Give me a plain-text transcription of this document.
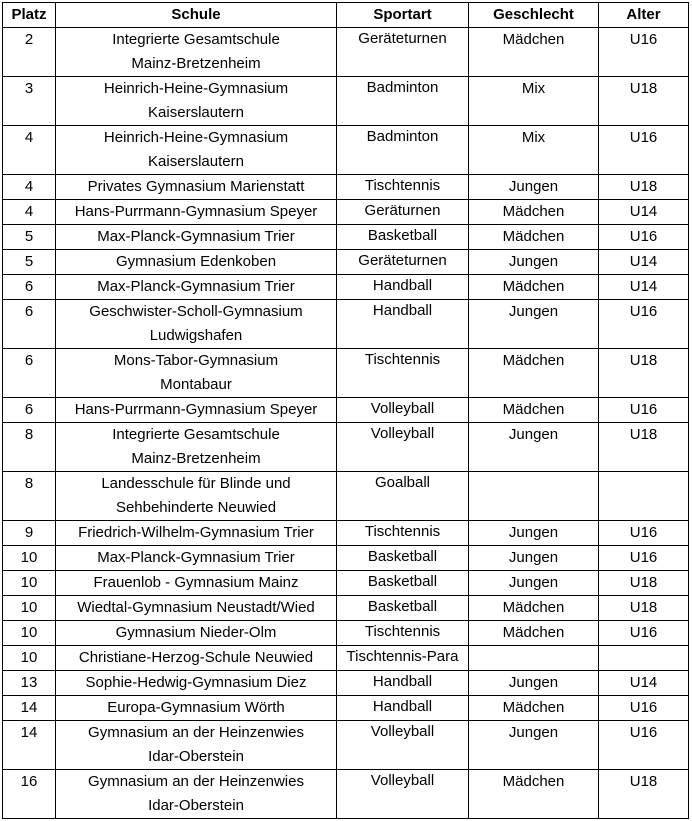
Platz	Schule	Sportart	Geschlecht	Alter

2	Integrierte Gesamtschule
Mainz-Bretzenheim	Geräteturnen	Mädchen	U16

3	Heinrich-Heine-Gymnasium
Kaiserslautern	Badminton	Mix	U18

4	Heinrich-Heine-Gymnasium
Kaiserslautern	Badminton	Mix	U16

4	Privates Gymnasium Marienstatt	Tischtennis	Jungen	U18

4	Hans-Purrmann-Gymnasium Speyer	Geräturnen	Mädchen	U14

5	Max-Planck-Gymnasium Trier	Basketball	Mädchen	U16

5	Gymnasium Edenkoben	Geräteturnen	Jungen	U14

6	Max-Planck-Gymnasium Trier	Handball	Mädchen	U14

6	Geschwister-Scholl-Gymnasium
Ludwigshafen	Handball	Jungen	U16

6	Mons-Tabor-Gymnasium
Montabaur	Tischtennis	Mädchen	U18

6	Hans-Purrmann-Gymnasium Speyer	Volleyball	Mädchen	U16

8	Integrierte Gesamtschule
Mainz-Bretzenheim	Volleyball	Jungen	U18

8	Landesschule für Blinde und
Sehbehinderte Neuwied	Goalball		

9	Friedrich-Wilhelm-Gymnasium Trier	Tischtennis	Jungen	U16

10	Max-Planck-Gymnasium Trier	Basketball	Jungen	U16

10	Frauenlob - Gymnasium Mainz	Basketball	Jungen	U18

10	Wiedtal-Gymnasium Neustadt/Wied	Basketball	Mädchen	U18

10	Gymnasium Nieder-Olm	Tischtennis	Mädchen	U16

10	Christiane-Herzog-Schule Neuwied	Tischtennis-Para		

13	Sophie-Hedwig-Gymnasium Diez	Handball	Jungen	U14

14	Europa-Gymnasium Wörth	Handball	Mädchen	U16

14	Gymnasium an der Heinzenwies
Idar-Oberstein	Volleyball	Jungen	U16

16	Gymnasium an der Heinzenwies
Idar-Oberstein	Volleyball	Mädchen	U18
